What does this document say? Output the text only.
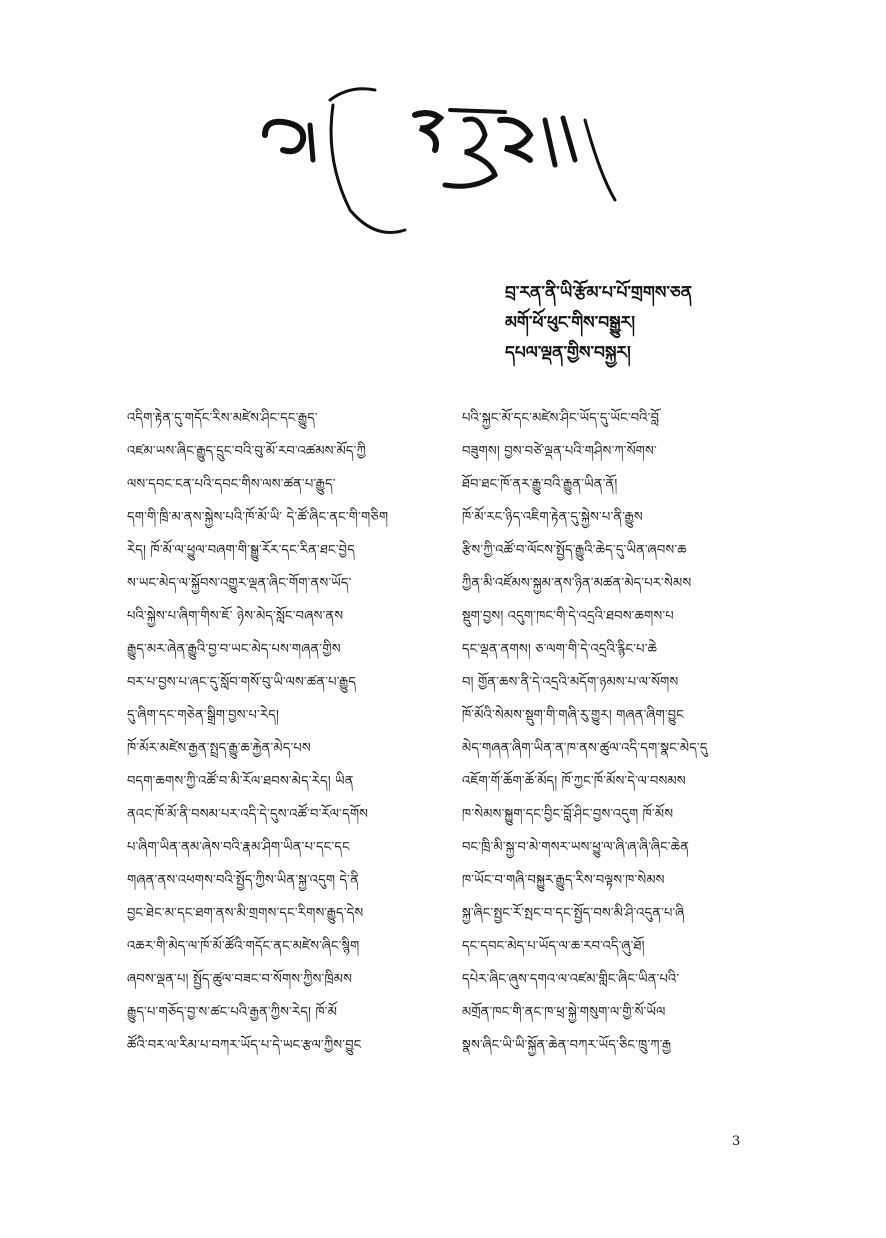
བྲ་རན་ནི་ཡི་རྩོམ་པ་པོ་གྲགས་ཅན
མགོ་ཕོ་ཕུང་གིས་བསྒྱུར།
དཔལ་ལྡན་གྱིས་བསྐྱར།
འདིག་རྟེན་དུ་གདོང་རིས་མཛེས་ཤིང་དང་རྒྱུད་
འཛམ་ཡས་ཞིང་རྒྱུད་དྲུང་བའི་བུ་མོ་རབ་འཚམས་མོད་ཀྱི
ལས་དབང་ངན་པའི་དབང་གིས་ལས་ཚན་པ་རྒྱུད་
དག་གི་ཁྲི་མ་ནས་སྐྱེས་པའི་ཁོ་མོ་ཡི་ དེ་ཚོ་ཞིང་ནང་གི་གཅིག
རེད། ཁོ་མོ་ལ་ཕྱུལ་བཞག་གི་སྒྱུ་རོར་དང་རིན་ཐང་བྱེད
ས་ཡང་མེད་ལ་སྐྱོབས་འགྱུར་ལྡན་ཞིང་གོག་ནས་ཡོད་
པའི་སྐྱེས་པ་ཞིག་གིས་ཇོ་ ཉེས་མེད་སློང་བཞས་ནས
རྒྱུད་མར་ཞེན་རྒྱུའི་བྱ་བ་ཡང་མེད་པས་གཞན་གྱིས
བར་པ་བྱས་པ་ཞང་དུ་སློབ་གསོ་བུ་ཡི་ལས་ཚན་པ་རྒྱུད
དུ་ཞིག་དང་གཅེན་སྒྲིག་བྱས་པ་རེད།
ཁོ་མོར་མཛེས་རྒྱན་སྤྲད་རྒྱུ་ཆ་རྐྱེན་མེད་པས
བདག་ཆགས་ཀྱི་འཚོ་བ་མི་རོལ་ཐབས་མེད་རེད། ཡིན
ནའང་ཁོ་མོ་ནི་བསམ་པར་འདི་དེ་དུས་འཚོ་བ་རོལ་དགོས
པ་ཞིག་ཡིན་ནམ་ཞེས་བའི་རྣམ་ཤིག་ཡིན་པ་དང་དང
གཞན་ནས་འཕགས་བའི་སྤྱོད་ཀྱིས་ཡིན་སྐྱ་འདུག དེ་ནི
བྱང་ཐེང་མ་དང་ཐག་ནས་མི་གྲགས་དང་རིགས་རྒྱུད་དེས
འཆར་གི་མེད་ལ་ཁོ་མོ་ཚོའི་གདོང་ནང་མཛེས་ཞིང་སྙིག
ཞབས་ལྡན་པ། སྤྱོད་ཚུལ་བཟང་བ་སོགས་ཀྱིས་ཁྲིམས
རྒྱུད་པ་གཅོད་བྱ་ས་ཚང་པའི་རྒྱན་ཀྱིས་རེད། ཁོ་མོ
ཚོའི་བར་ལ་རིམ་པ་བཀར་ཡོད་པ་དེ་ཡང་རྩལ་ཀྱིས་བྱུང
པའི་སྐྱང་མོ་དང་མཛེས་ཤིང་ཡོད་དུ་ཡོང་བའི་བློ
བཟུགས། བྱས་བཙེ་ལྡན་པའི་གཤིས་ཀ་སོགས་
ཐོབ་ཐང་ཁོ་ནར་རྒྱུ་བའི་རྒྱུན་ཡིན་ནོ།
ཁོ་མོ་རང་ཉིད་འཇིག་རྟེན་དུ་སྐྱེས་པ་ནི་རྒྱུས
རྩིས་ཀྱི་འཚོ་བ་ལོངས་སྤྱོད་རྒྱུའི་ཆེད་དུ་ཡིན་ཞབས་ཆ
ཀྱིན་མི་འཛོམས་སྐྱམ་ནས་ཉིན་མཚན་མེད་པར་སེམས
སྡུག་བྱས། འདུག་ཁང་གི་དེ་འདྲའི་ཐབས་ཆགས་པ
དང་ལྡན་ནགས། ཅ་ལག་གི་དེ་འདྲའི་རྙིང་པ་ཆེ
བ། གྱོན་ཆས་ནི་དེ་འདྲའི་མདོག་ཉམས་པ་ལ་སོགས
ཁོ་མོའི་སེམས་སྡུག་གི་གཞི་རུ་གྱུར། གཞན་ཞིག་བྱུང
མེད་གཞན་ཞིག་ཡིན་ན་ཁ་ནས་ཚུལ་འདི་དག་སྣང་མེད་དུ
འཇོག་གོ་ཆོག་ཆོ་མོད། ཁོ་ཀྱང་ཁོ་མོས་དེ་ལ་བསམས
ཁ་སེམས་སྐྱུག་དང་བྱིང་བློ་ཤིང་བྱས་འདུག ཁོ་མོས
བང་ཁྲི་མི་སྐྱ་བ་མེ་གསར་ཡས་ཕྱུ་ལ་ཞི་ཞ་ཞི་ཞིང་ཆེན
ཁ་ཡོང་བ་གཞི་བསྐྱུར་རྒྱུད་རིས་བལྟས་ཁ་སེམས
སྐྱ་ཞིང་སྤྱང་རོ་སྤང་བ་དང་སྤྱོད་བས་མི་ཤི་འདུན་པ་ཞི
དང་དབང་མེད་པ་ཡོད་ལ་ཆ་རབ་འདི་ཞུ་ཐོ།
དཔེར་ཞིང་ཞུས་དགའ་ལ་འཛམ་གླིང་ཞིང་ཡིན་པའི་
མགྲོན་ཁང་གི་ནང་ཁ་ཕྲ་སྐྱེ་གསུག་ལ་གྱི་སོ་ཡོལ
སྣས་ཞིང་ཡི་ཡི་སྐྱོན་ཆེན་བཀར་ཡོད་ཅིང་ཁྲུ་ཀ་རྒྱ
3
